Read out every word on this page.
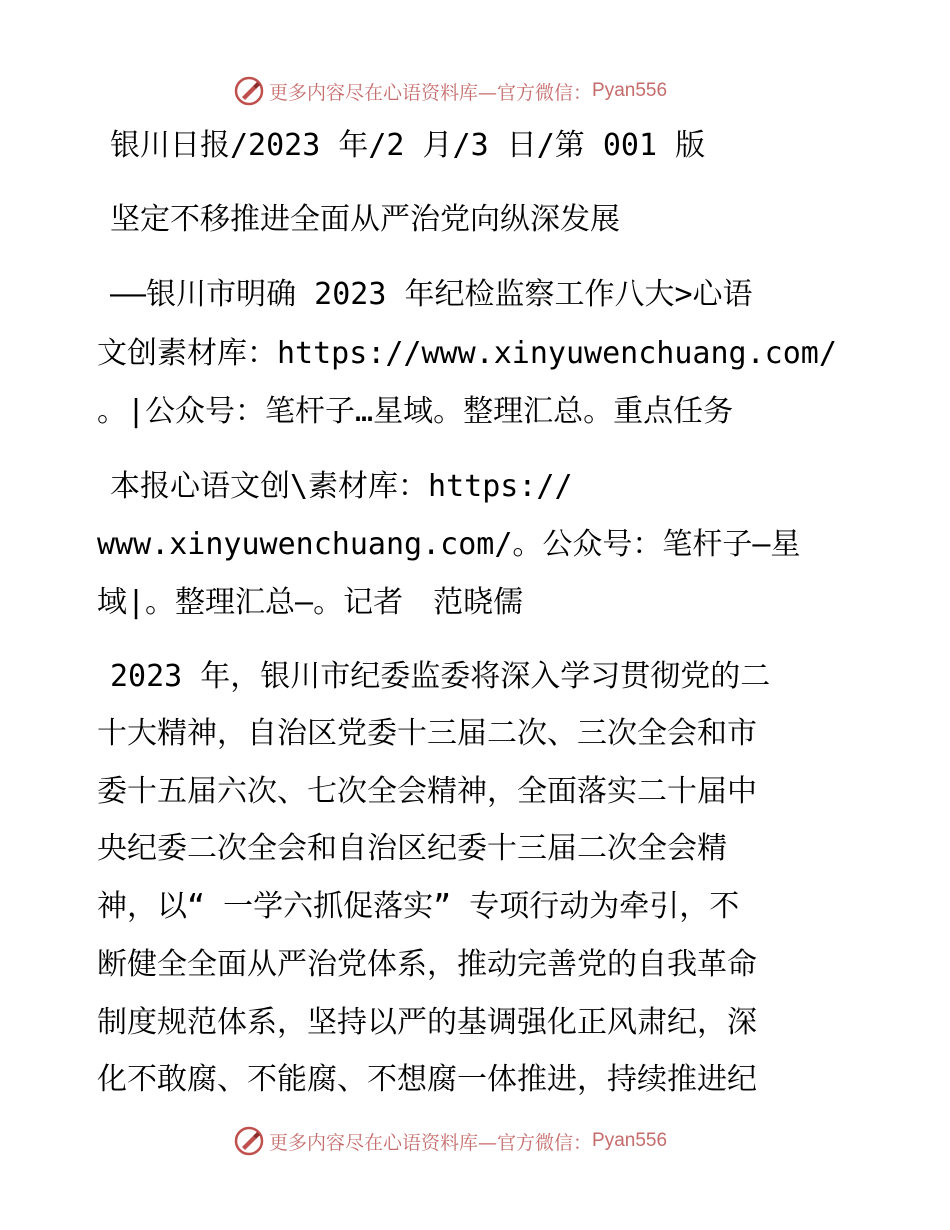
更多内容尽在心语资料库—官方微信： Pyan556
银川日报/2023 年/2 月/3 日/第 001 版
坚定不移推进全面从严治党向纵深发展
——银川市明确 2023 年纪检监察工作八大>心语
文创素材库：https://www.xinyuwenchuang.com/
。|公众号：笔杆子…星域。整理汇总。重点任务
本报心语文创\素材库：https://
www.xinyuwenchuang.com/。公众号：笔杆子—星
域|。整理汇总—。记者　范晓儒
2023 年，银川市纪委监委将深入学习贯彻党的二
十大精神，自治区党委十三届二次、三次全会和市
委十五届六次、七次全会精神，全面落实二十届中
央纪委二次全会和自治区纪委十三届二次全会精
神，以“ 一学六抓促落实” 专项行动为牵引，不
断健全全面从严治党体系，推动完善党的自我革命
制度规范体系，坚持以严的基调强化正风肃纪，深
化不敢腐、不能腐、不想腐一体推进，持续推进纪
更多内容尽在心语资料库—官方微信： Pyan556
